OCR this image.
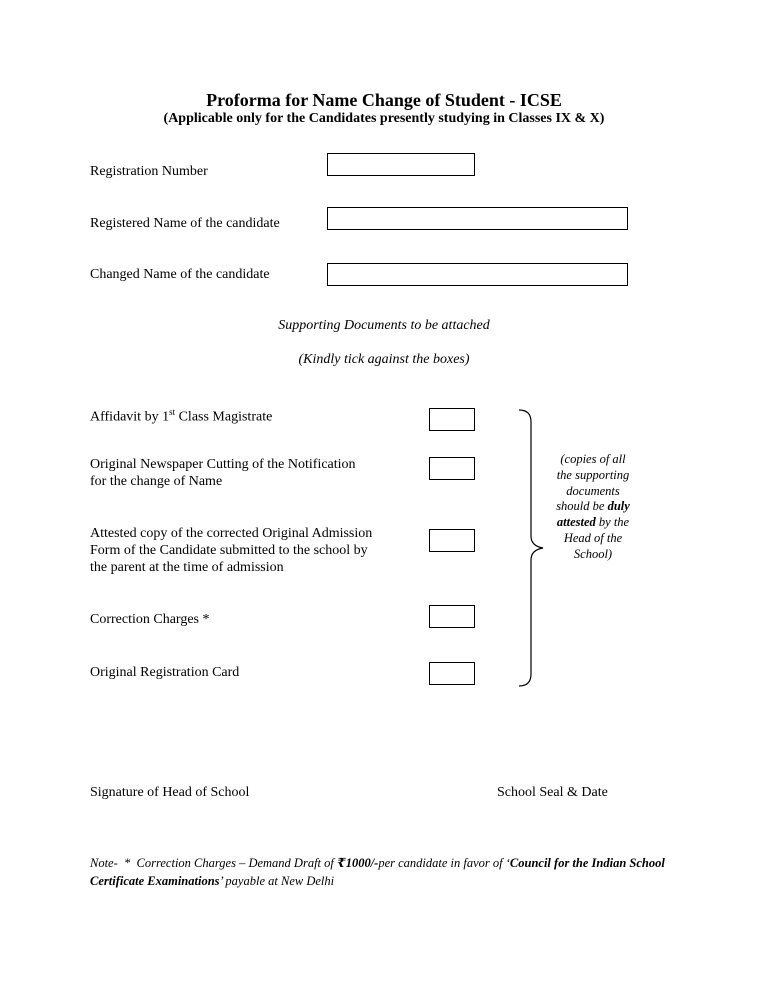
Proforma for Name Change of Student - ICSE
(Applicable only for the Candidates presently studying in Classes IX & X)
Registration Number
Registered Name of the candidate
Changed Name of the candidate
Supporting Documents to be attached
(Kindly tick against the boxes)
Affidavit by 1st Class Magistrate
Original Newspaper Cutting of the Notification
for the change of Name
Attested copy of the corrected Original Admission
Form of the Candidate submitted to the school by
the parent at the time of admission
Correction Charges *
Original Registration Card
(copies of all the supporting documents should be duly attested by the Head of the School)
Signature of Head of School	School Seal & Date
Note- * Correction Charges – Demand Draft of ₹1000/-per candidate in favor of ‘Council for the Indian School Certificate Examinations’ payable at New Delhi
